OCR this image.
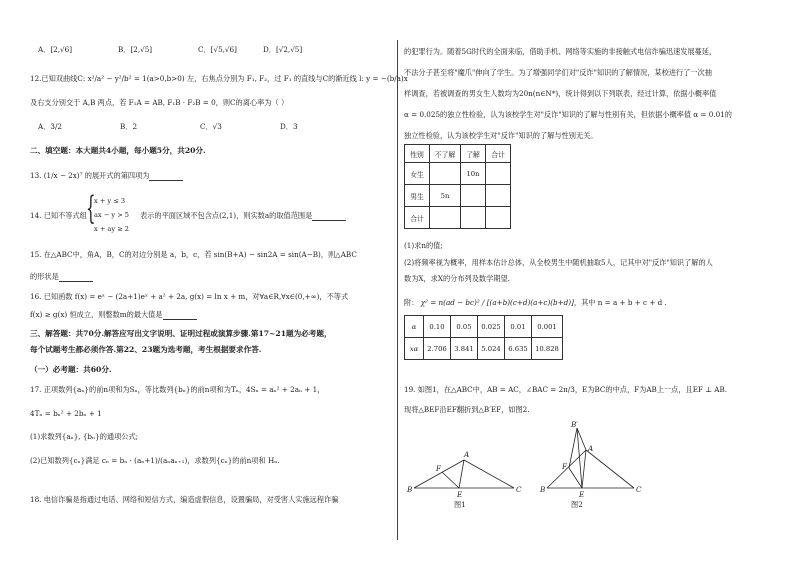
A．[2,√6]	B．[2,√5]	C．[√5,√6]	D．[√2,√5]
12.已知双曲线C: x²/a² − y²/b² = 1(a>0,b>0) 左，右焦点分别为 F₁, F₂，过 F₁ 的直线与C的渐近线 l: y = −(b/a)x
及右支分别交于 A,B 两点，若 F₁A = AB, F₁B · F₂B = 0，则C的离心率为（ ）
A．3/2	B．2	C．√3	D．3
二、填空题：本大题共4小题，每小题5分，共20分.
13. (1/x − 2x)⁷ 的展开式的第四项为
14. 已知不等式组 {
x + y ≤ 3
ax − y > 5
x + ay ≥ 2
表示的平面区域不包含点(2,1)，则实数a的取值范围是
15. 在△ABC中，角A，B，C的对边分别是 a，b，c，若 sin(B+A) − sin2A = sin(A−B)，则△ABC
的形状是
16. 已知函数 f(x) = eˣ − (2a+1)eˣ + a² + 2a, g(x) = ln x + m，对∀a∈R,∀x∈(0,+∞)，不等式
f(x) ≥ g(x) 恒成立，则整数m的最大值是
三、解答题：共70分.解答应写出文字说明、证明过程或演算步骤.第17~21题为必考题，
每个试题考生都必须作答.第22、23题为选考题，考生根据要求作答.
（一）必考题：共60分.
17. 正项数列{aₙ}的前n项和为Sₙ，等比数列{bₙ}的前n项和为Tₙ，4Sₙ = aₙ² + 2aₙ + 1，
4Tₙ = bₙ² + 2bₙ + 1
(1)求数列{aₙ}, {bₙ}的通项公式;
(2)已知数列{cₙ}满足 cₙ = bₙ · (aₙ+1)/(aₙaₙ₊₁)，求数列{cₙ}的前n项和 Hₙ.
18. 电信诈骗是指通过电话、网络和短信方式，编造虚假信息，设置骗局，对受害人实施远程诈骗
的犯罪行为。随着5G时代的全面来临，借助手机、网络等实施的非接触式电信诈骗迅速发展蔓延，
不法分子甚至将"魔爪"伸向了学生。为了增强同学们对"反诈"知识的了解情况，某校进行了一次抽
样调查，若被调查的男女生人数均为20n(n∈N*)，统计得到以下列联表，经过计算，依据小概率值
α = 0.025的独立性检验，认为该校学生对"反诈"知识的了解与性别有关，但依据小概率值 α = 0.01的
独立性检验，认为该校学生对"反诈"知识的了解与性别无关。
性别	不了解	了解	合计
女生		10n	
男生	5n		
合计			
(1)求n的值;
(2)将频率视为概率，用样本估计总体，从全校男生中随机抽取5人，记其中对"反诈"知识了解的人
数为X，求X的分布列及数学期望.
附： χ² = n(ad − bc)² / [(a+b)(c+d)(a+c)(b+d)]，其中 n = a + b + c + d .
α	0.10	0.05	0.025	0.01	0.001
xα	2.706	3.841	5.024	6.635	10.828
19. 如图1，在△ABC中，AB = AC，∠BAC = 2π/3，E为BC的中点，F为AB上一点，且EF ⊥ AB.
现将△BEF沿EF翻折到△B′EF，如图2.
A
F
B
E
C
图1
B′
A
F
B
E
C
图2
